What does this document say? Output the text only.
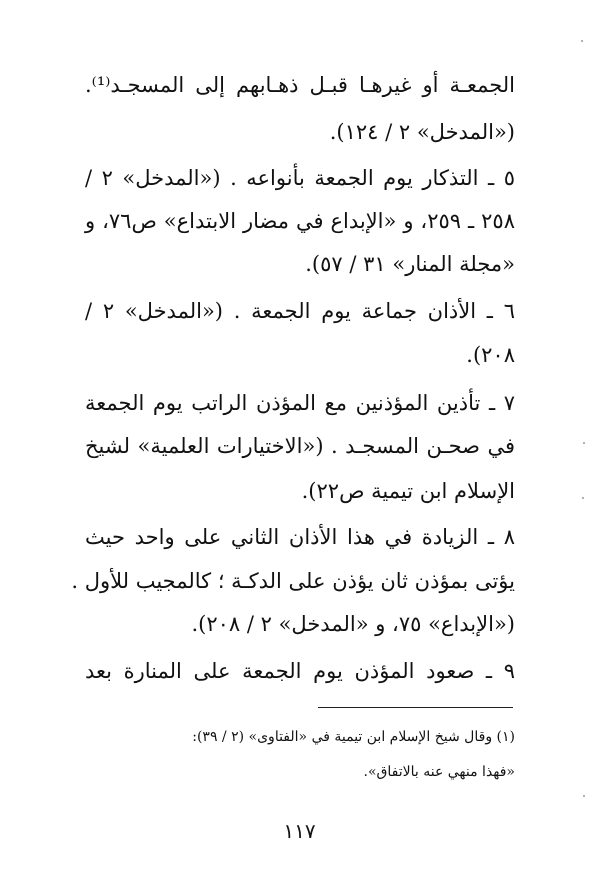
الجمعـة أو غيرهـا قبـل ذهـابهم إلى المسجـد⁽¹⁾.
(«المدخل» ٢ / ١٢٤).
٥ ـ التذكار يوم الجمعة بأنواعه . («المدخل» ٢ /
٢٥٨ ـ ٢٥٩، و «الإبداع في مضار الابتداع» ص٧٦، و
«مجلة المنار» ٣١ / ٥٧).
٦ ـ الأذان جماعة يوم الجمعة . («المدخل» ٢ /
٢٠٨).
٧ ـ تأذين المؤذنين مع المؤذن الراتب يوم الجمعة
في صحـن المسجـد . («الاختيارات العلمية» لشيخ
الإسلام ابن تيمية ص٢٢).
٨ ـ الزيادة في هذا الأذان الثاني على واحد حيث
يؤتى بمؤذن ثان يؤذن على الدكـة ؛ كالمجيب للأول .
(«الإبداع» ٧٥، و «المدخل» ٢ / ٢٠٨).
٩ ـ صعود المؤذن يوم الجمعة على المنارة بعد
(١) وقال شيخ الإسلام ابن تيمية في «الفتاوى» (٢ / ٣٩):
«فهذا منهي عنه بالاتفاق».
١١٧
